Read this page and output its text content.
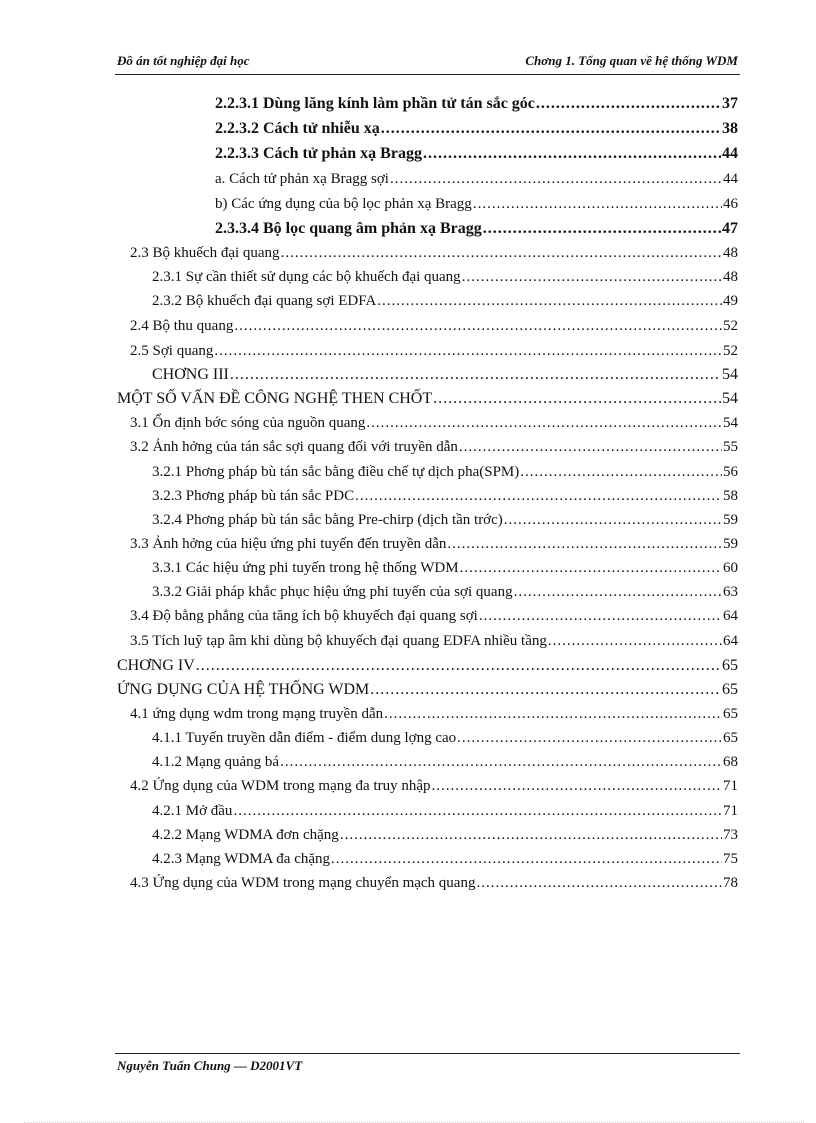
Đồ án tốt nghiệp đại học	Chơng 1. Tổng quan về hệ thống WDM
2.2.3.1 Dùng lăng kính làm phần tử tán sắc góc .....	37
2.2.3.2 Cách tử nhiễu xạ .....	38
2.2.3.3 Cách tử phản xạ Bragg .....	44
a. Cách tử phản xạ Bragg sợi .....	44
b) Các ứng dụng của bộ lọc phản xạ Bragg .....	46
2.3.3.4 Bộ lọc quang âm phản xạ Bragg .....	47
2.3 Bộ khuếch đại quang .....	48
2.3.1 Sự cần thiết sử dụng các bộ khuếch đại quang .....	48
2.3.2 Bộ khuếch đại quang sợi EDFA .....	49
2.4 Bộ thu quang .....	52
2.5 Sợi quang .....	52
CHƠNG III .....	54
MỘT SỐ VẤN ĐỀ CÔNG NGHỆ THEN CHỐT .....	54
3.1 Ổn định bớc sóng của nguồn quang .....	54
3.2 Ảnh hởng của tán sắc sợi quang đối với truyền dẫn .....	55
3.2.1 Phơng pháp bù tán sắc bằng điều chế tự dịch pha(SPM) .....	56
3.2.3 Phơng pháp bù tán sắc PDC .....	58
3.2.4 Phơng pháp bù tán sắc bằng Pre-chirp (dịch tần trớc) .....	59
3.3 Ảnh hởng của hiệu ứng phi tuyến đến truyền dẫn .....	59
3.3.1 Các hiệu ứng phi tuyến trong hệ thống WDM .....	60
3.3.2 Giải pháp khắc phục hiệu ứng phi tuyến của sợi quang .....	63
3.4 Độ bằng phẳng của tăng ích bộ khuyếch đại quang sợi .....	64
3.5 Tích luỹ tạp âm khi dùng bộ khuyếch đại quang EDFA nhiều tầng .....	64
CHƠNG IV .....	65
ỨNG DỤNG CỦA HỆ THỐNG WDM .....	65
4.1 ứng dụng wdm trong mạng truyền dẫn .....	65
4.1.1 Tuyến truyền dẫn điểm - điểm dung lợng cao .....	65
4.1.2 Mạng quảng bá .....	68
4.2 Ứng dụng của WDM trong mạng đa truy nhập .....	71
4.2.1 Mở đầu .....	71
4.2.2 Mạng WDMA đơn chặng .....	73
4.2.3 Mạng WDMA đa chặng .....	75
4.3 Ứng dụng của WDM trong mạng chuyển mạch quang .....	78
Nguyễn Tuấn Chung — D2001VT
